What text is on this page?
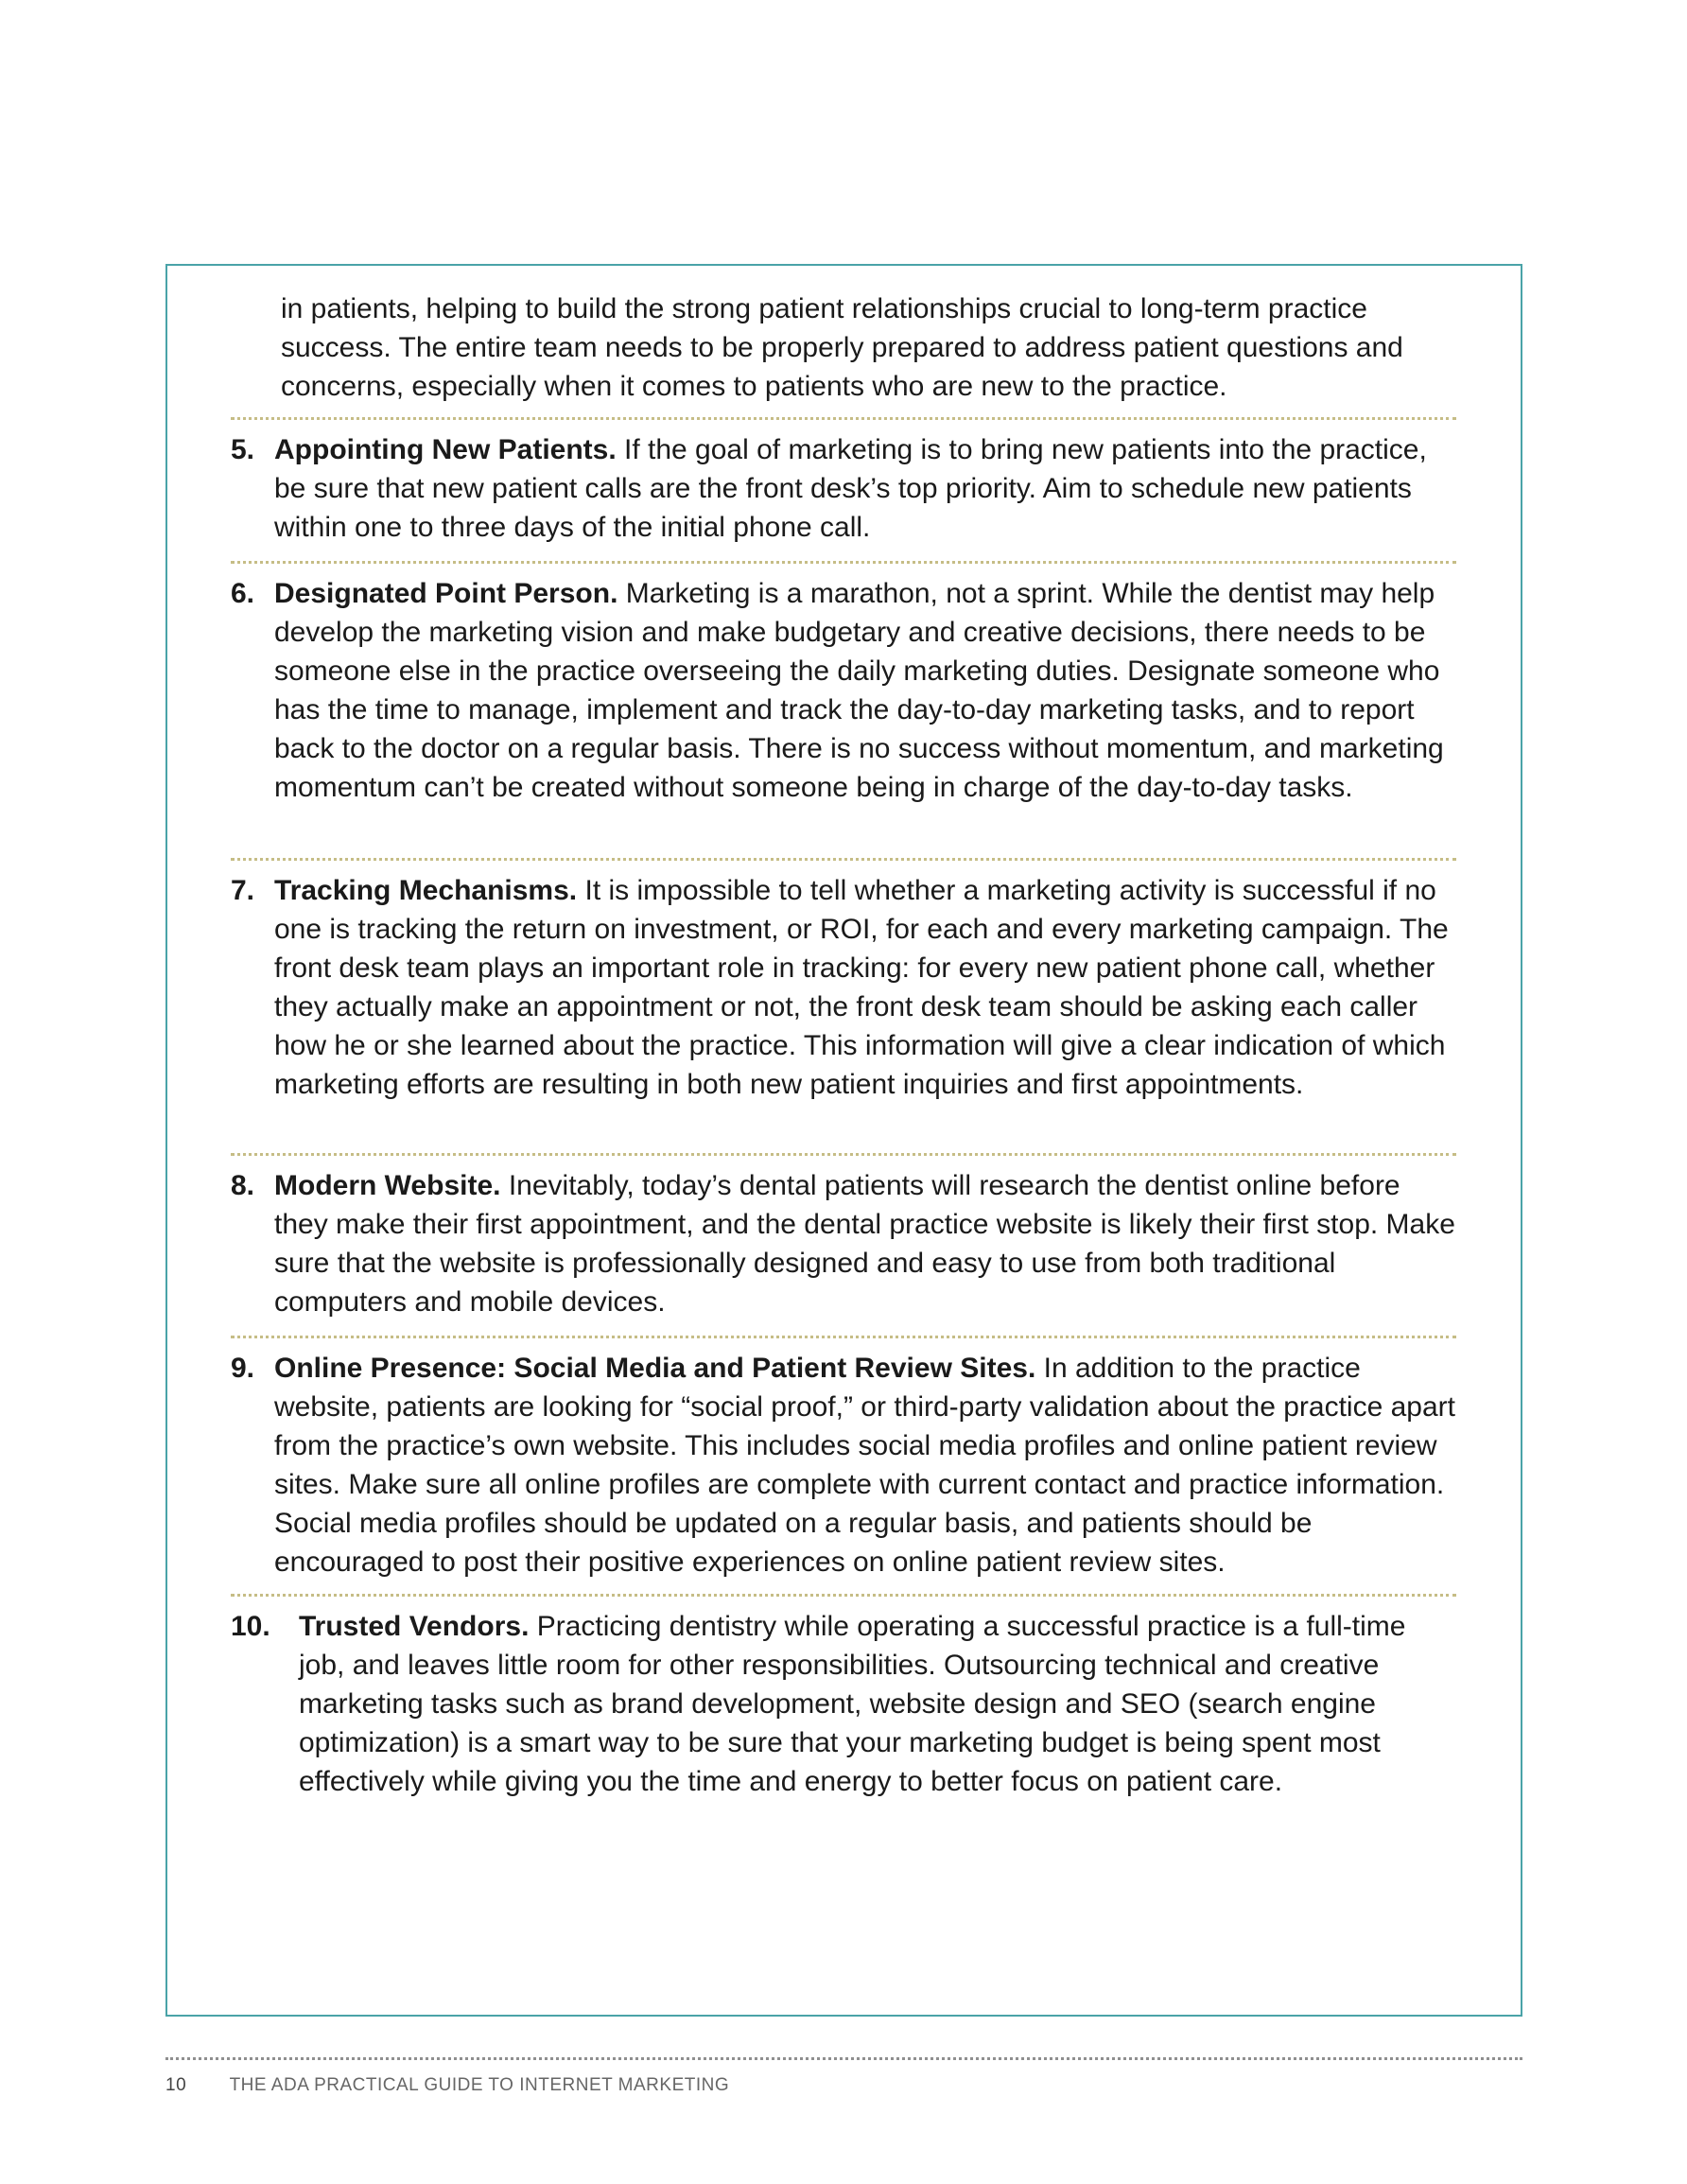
in patients, helping to build the strong patient relationships crucial to long-term practice success. The entire team needs to be properly prepared to address patient questions and concerns, especially when it comes to patients who are new to the practice.

5. Appointing New Patients. If the goal of marketing is to bring new patients into the practice, be sure that new patient calls are the front desk’s top priority. Aim to schedule new patients within one to three days of the initial phone call.
6. Designated Point Person. Marketing is a marathon, not a sprint. While the dentist may help develop the marketing vision and make budgetary and creative decisions, there needs to be someone else in the practice overseeing the daily marketing duties. Designate someone who has the time to manage, implement and track the day-to-day marketing tasks, and to report back to the doctor on a regular basis. There is no success without momentum, and marketing momentum can’t be created without someone being in charge of the day-to-day tasks.
7. Tracking Mechanisms. It is impossible to tell whether a marketing activity is successful if no one is tracking the return on investment, or ROI, for each and every marketing campaign. The front desk team plays an important role in tracking: for every new patient phone call, whether they actually make an appointment or not, the front desk team should be asking each caller how he or she learned about the practice. This information will give a clear indication of which marketing efforts are resulting in both new patient inquiries and first appointments.
8. Modern Website. Inevitably, today’s dental patients will research the dentist online before they make their first appointment, and the dental practice website is likely their first stop. Make sure that the website is professionally designed and easy to use from both traditional computers and mobile devices.
9. Online Presence: Social Media and Patient Review Sites. In addition to the practice website, patients are looking for “social proof,” or third-party validation about the practice apart from the practice’s own website. This includes social media profiles and online patient review sites. Make sure all online profiles are complete with current contact and practice information. Social media profiles should be updated on a regular basis, and patients should be encouraged to post their positive experiences on online patient review sites.
10. Trusted Vendors. Practicing dentistry while operating a successful practice is a full-time job, and leaves little room for other responsibilities. Outsourcing technical and creative marketing tasks such as brand development, website design and SEO (search engine optimization) is a smart way to be sure that your marketing budget is being spent most effectively while giving you the time and energy to better focus on patient care.
10 THE ADA PRACTICAL GUIDE TO INTERNET MARKETING
